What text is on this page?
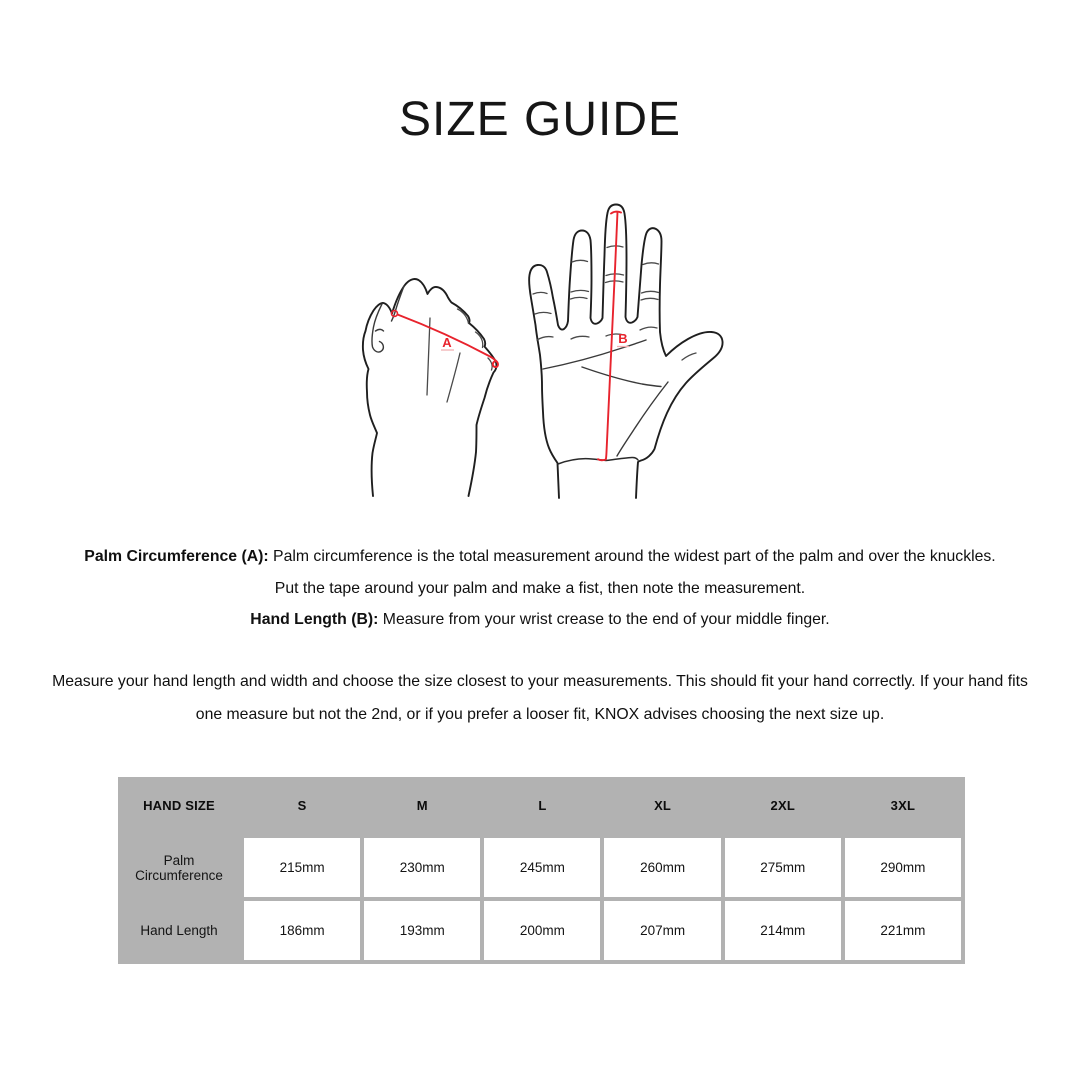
SIZE GUIDE
A	B

Palm Circumference (A): Palm circumference is the total measurement around the widest part of the palm and over the knuckles.

Put the tape around your palm and make a fist, then note the measurement.

Hand Length (B): Measure from your wrist crease to the end of your middle finger.

Measure your hand length and width and choose the size closest to your measurements. This should fit your hand correctly. If your hand fits one measure but not the 2nd, or if you prefer a looser fit, KNOX advises choosing the next size up.

HAND SIZE	S	M	L	XL	2XL	3XL
Palm Circumference	215mm	230mm	245mm	260mm	275mm	290mm
Hand Length	186mm	193mm	200mm	207mm	214mm	221mm
